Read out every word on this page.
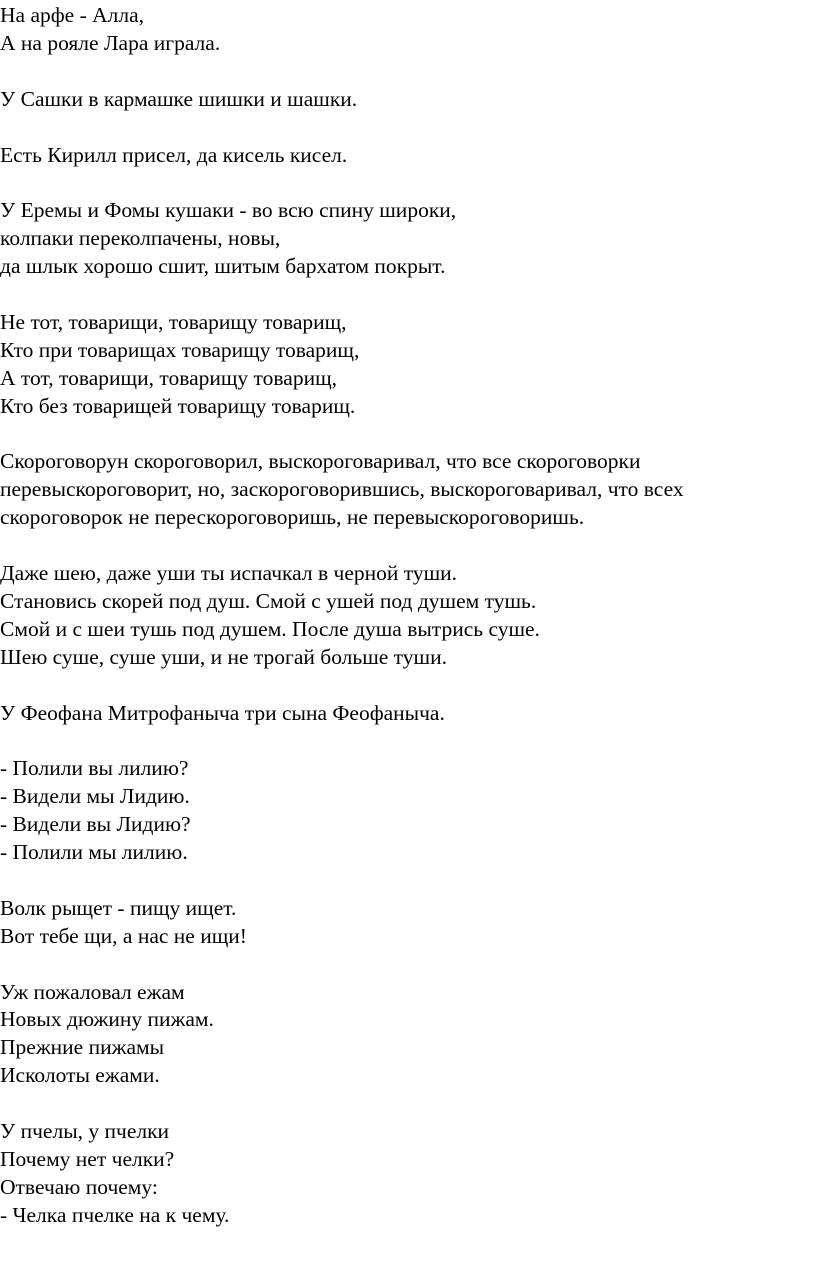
На арфе - Алла,
А на рояле Лара играла.
У Сашки в кармашке шишки и шашки.
Есть Кирилл присел, да кисель кисел.
У Еремы и Фомы кушаки - во всю спину широки,
колпаки переколпачены, новы,
да шлык хорошо сшит, шитым бархатом покрыт.
Не тот, товарищи, товарищу товарищ,
Кто при товарищах товарищу товарищ,
А тот, товарищи, товарищу товарищ,
Кто без товарищей товарищу товарищ.
Скороговорун скороговорил, выскороговаривал, что все скороговорки
перевыскороговорит, но, заскороговорившись, выскороговаривал, что всех
скороговорок не перескороговоришь, не перевыскороговоришь.
Даже шею, даже уши ты испачкал в черной туши.
Становись скорей под душ. Смой с ушей под душем тушь.
Смой и с шеи тушь под душем. После душа вытрись суше.
Шею суше, суше уши, и не трогай больше туши.
У Феофана Митрофаныча три сына Феофаныча.
- Полили вы лилию?
- Видели мы Лидию.
- Видели вы Лидию?
- Полили мы лилию.
Волк рыщет - пищу ищет.
Вот тебе щи, а нас не ищи!
Уж пожаловал ежам
Новых дюжину пижам.
Прежние пижамы
Исколоты ежами.
У пчелы, у пчелки
Почему нет челки?
Отвечаю почему:
- Челка пчелке на к чему.
